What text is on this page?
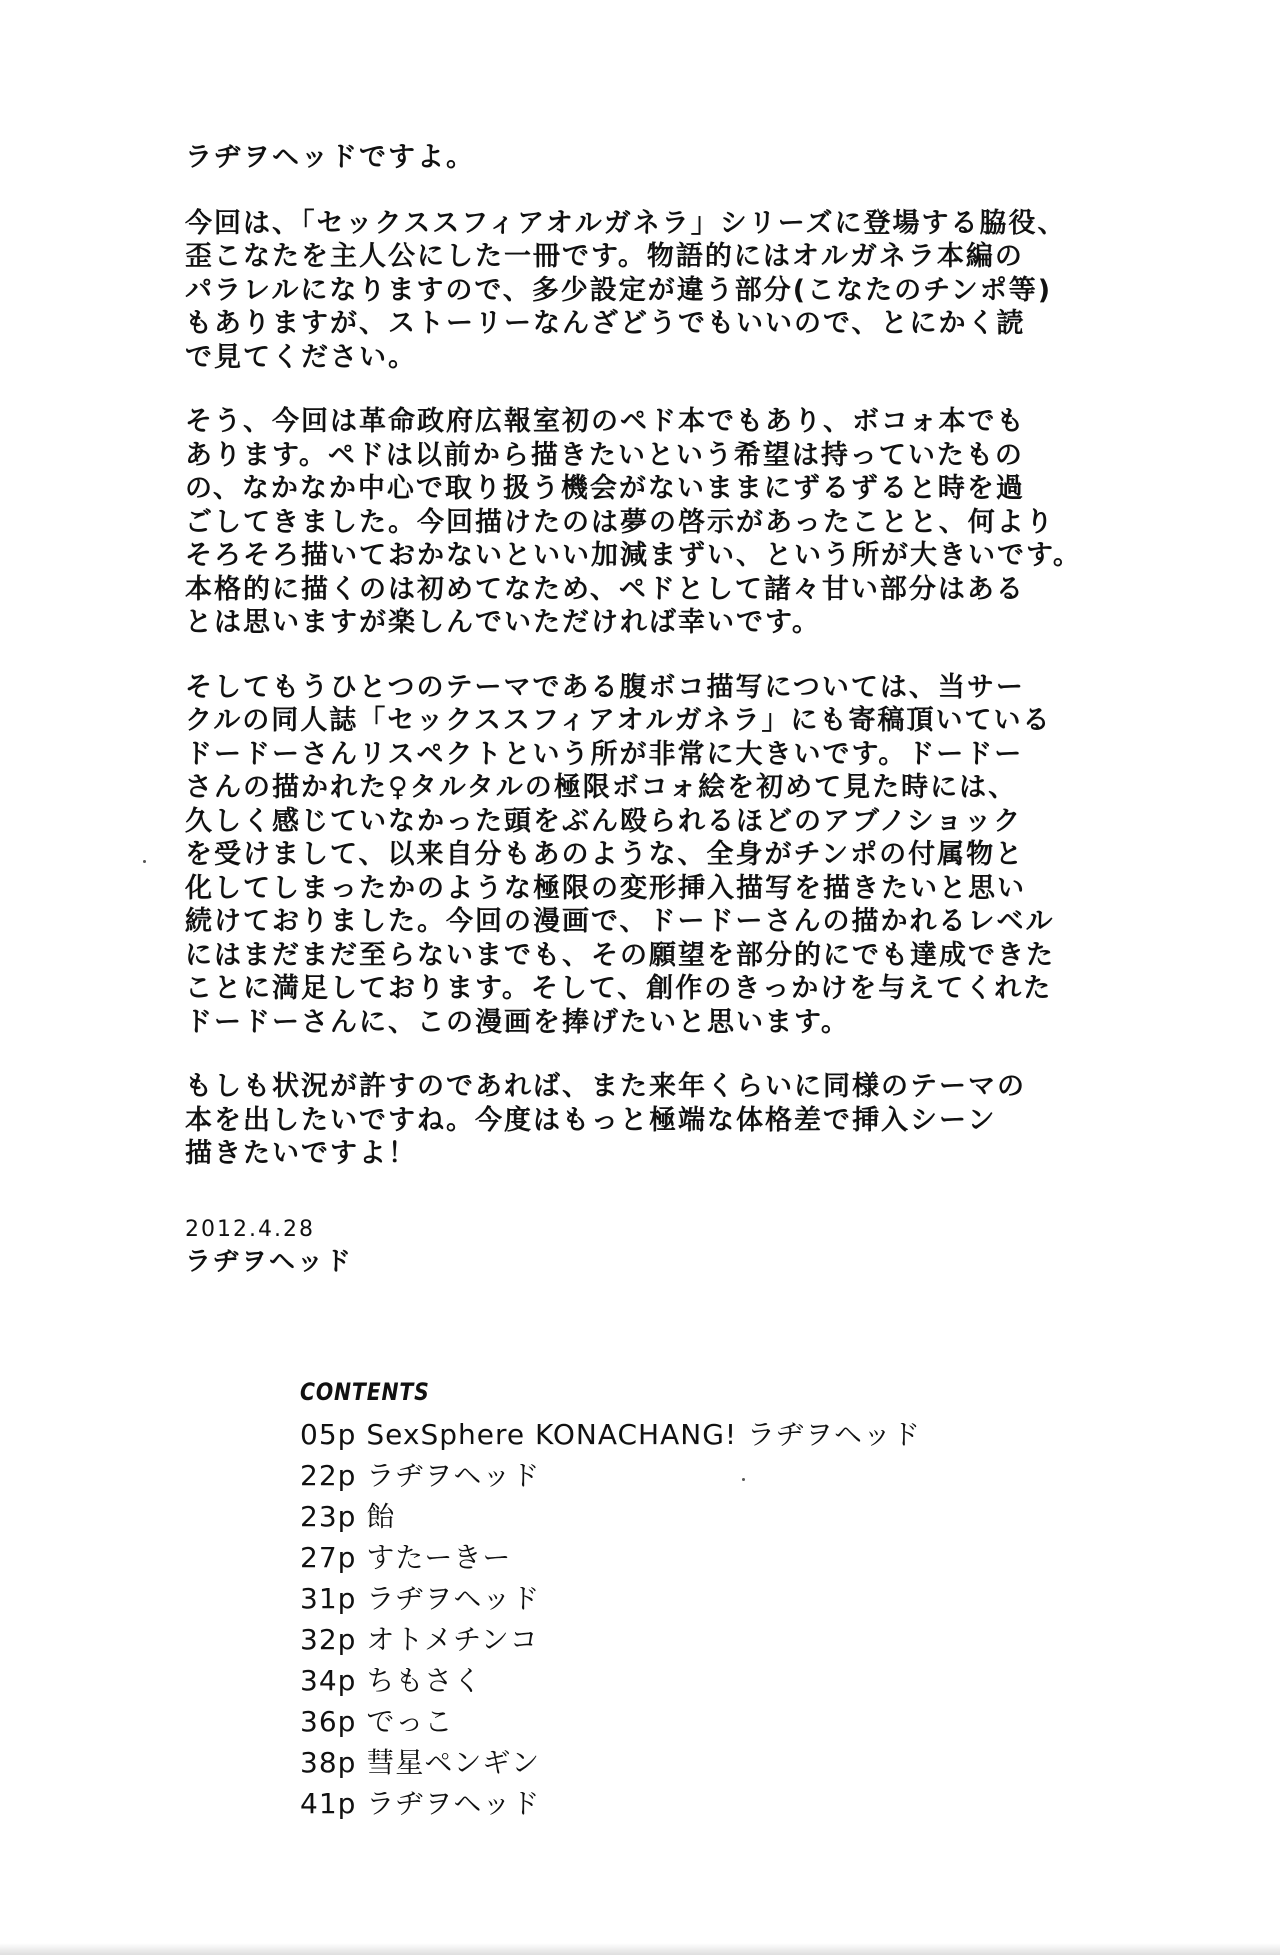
ラヂヲヘッドですよ。
今回は、「セックススフィアオルガネラ」シリーズに登場する脇役、
歪こなたを主人公にした一冊です。物語的にはオルガネラ本編の
パラレルになりますので、多少設定が違う部分(こなたのチンポ等)
もありますが、ストーリーなんざどうでもいいので、とにかく読
で見てください。
そう、今回は革命政府広報室初のペド本でもあり、ボコォ本でも
あります。ペドは以前から描きたいという希望は持っていたもの
の、なかなか中心で取り扱う機会がないままにずるずると時を過
ごしてきました。今回描けたのは夢の啓示があったことと、何より
そろそろ描いておかないといい加減まずい、という所が大きいです。
本格的に描くのは初めてなため、ペドとして諸々甘い部分はある
とは思いますが楽しんでいただければ幸いです。
そしてもうひとつのテーマである腹ボコ描写については、当サー
クルの同人誌「セックススフィアオルガネラ」にも寄稿頂いている
ドードーさんリスペクトという所が非常に大きいです。ドードー
さんの描かれた♀タルタルの極限ボコォ絵を初めて見た時には、
久しく感じていなかった頭をぶん殴られるほどのアブノショック
を受けまして、以来自分もあのような、全身がチンポの付属物と
化してしまったかのような極限の変形挿入描写を描きたいと思い
続けておりました。今回の漫画で、ドードーさんの描かれるレベル
にはまだまだ至らないまでも、その願望を部分的にでも達成できた
ことに満足しております。そして、創作のきっかけを与えてくれた
ドードーさんに、この漫画を捧げたいと思います。
もしも状況が許すのであれば、また来年くらいに同様のテーマの
本を出したいですね。今度はもっと極端な体格差で挿入シーン
描きたいですよ！
2012.4.28
ラヂヲヘッド
CONTENTS
05p SexSphere KONACHANG! ラヂヲヘッド
22p ラヂヲヘッド
23p 飴
27p すたーきー
31p ラヂヲヘッド
32p オトメチンコ
34p ちもさく
36p でっこ
38p 彗星ペンギン
41p ラヂヲヘッド
